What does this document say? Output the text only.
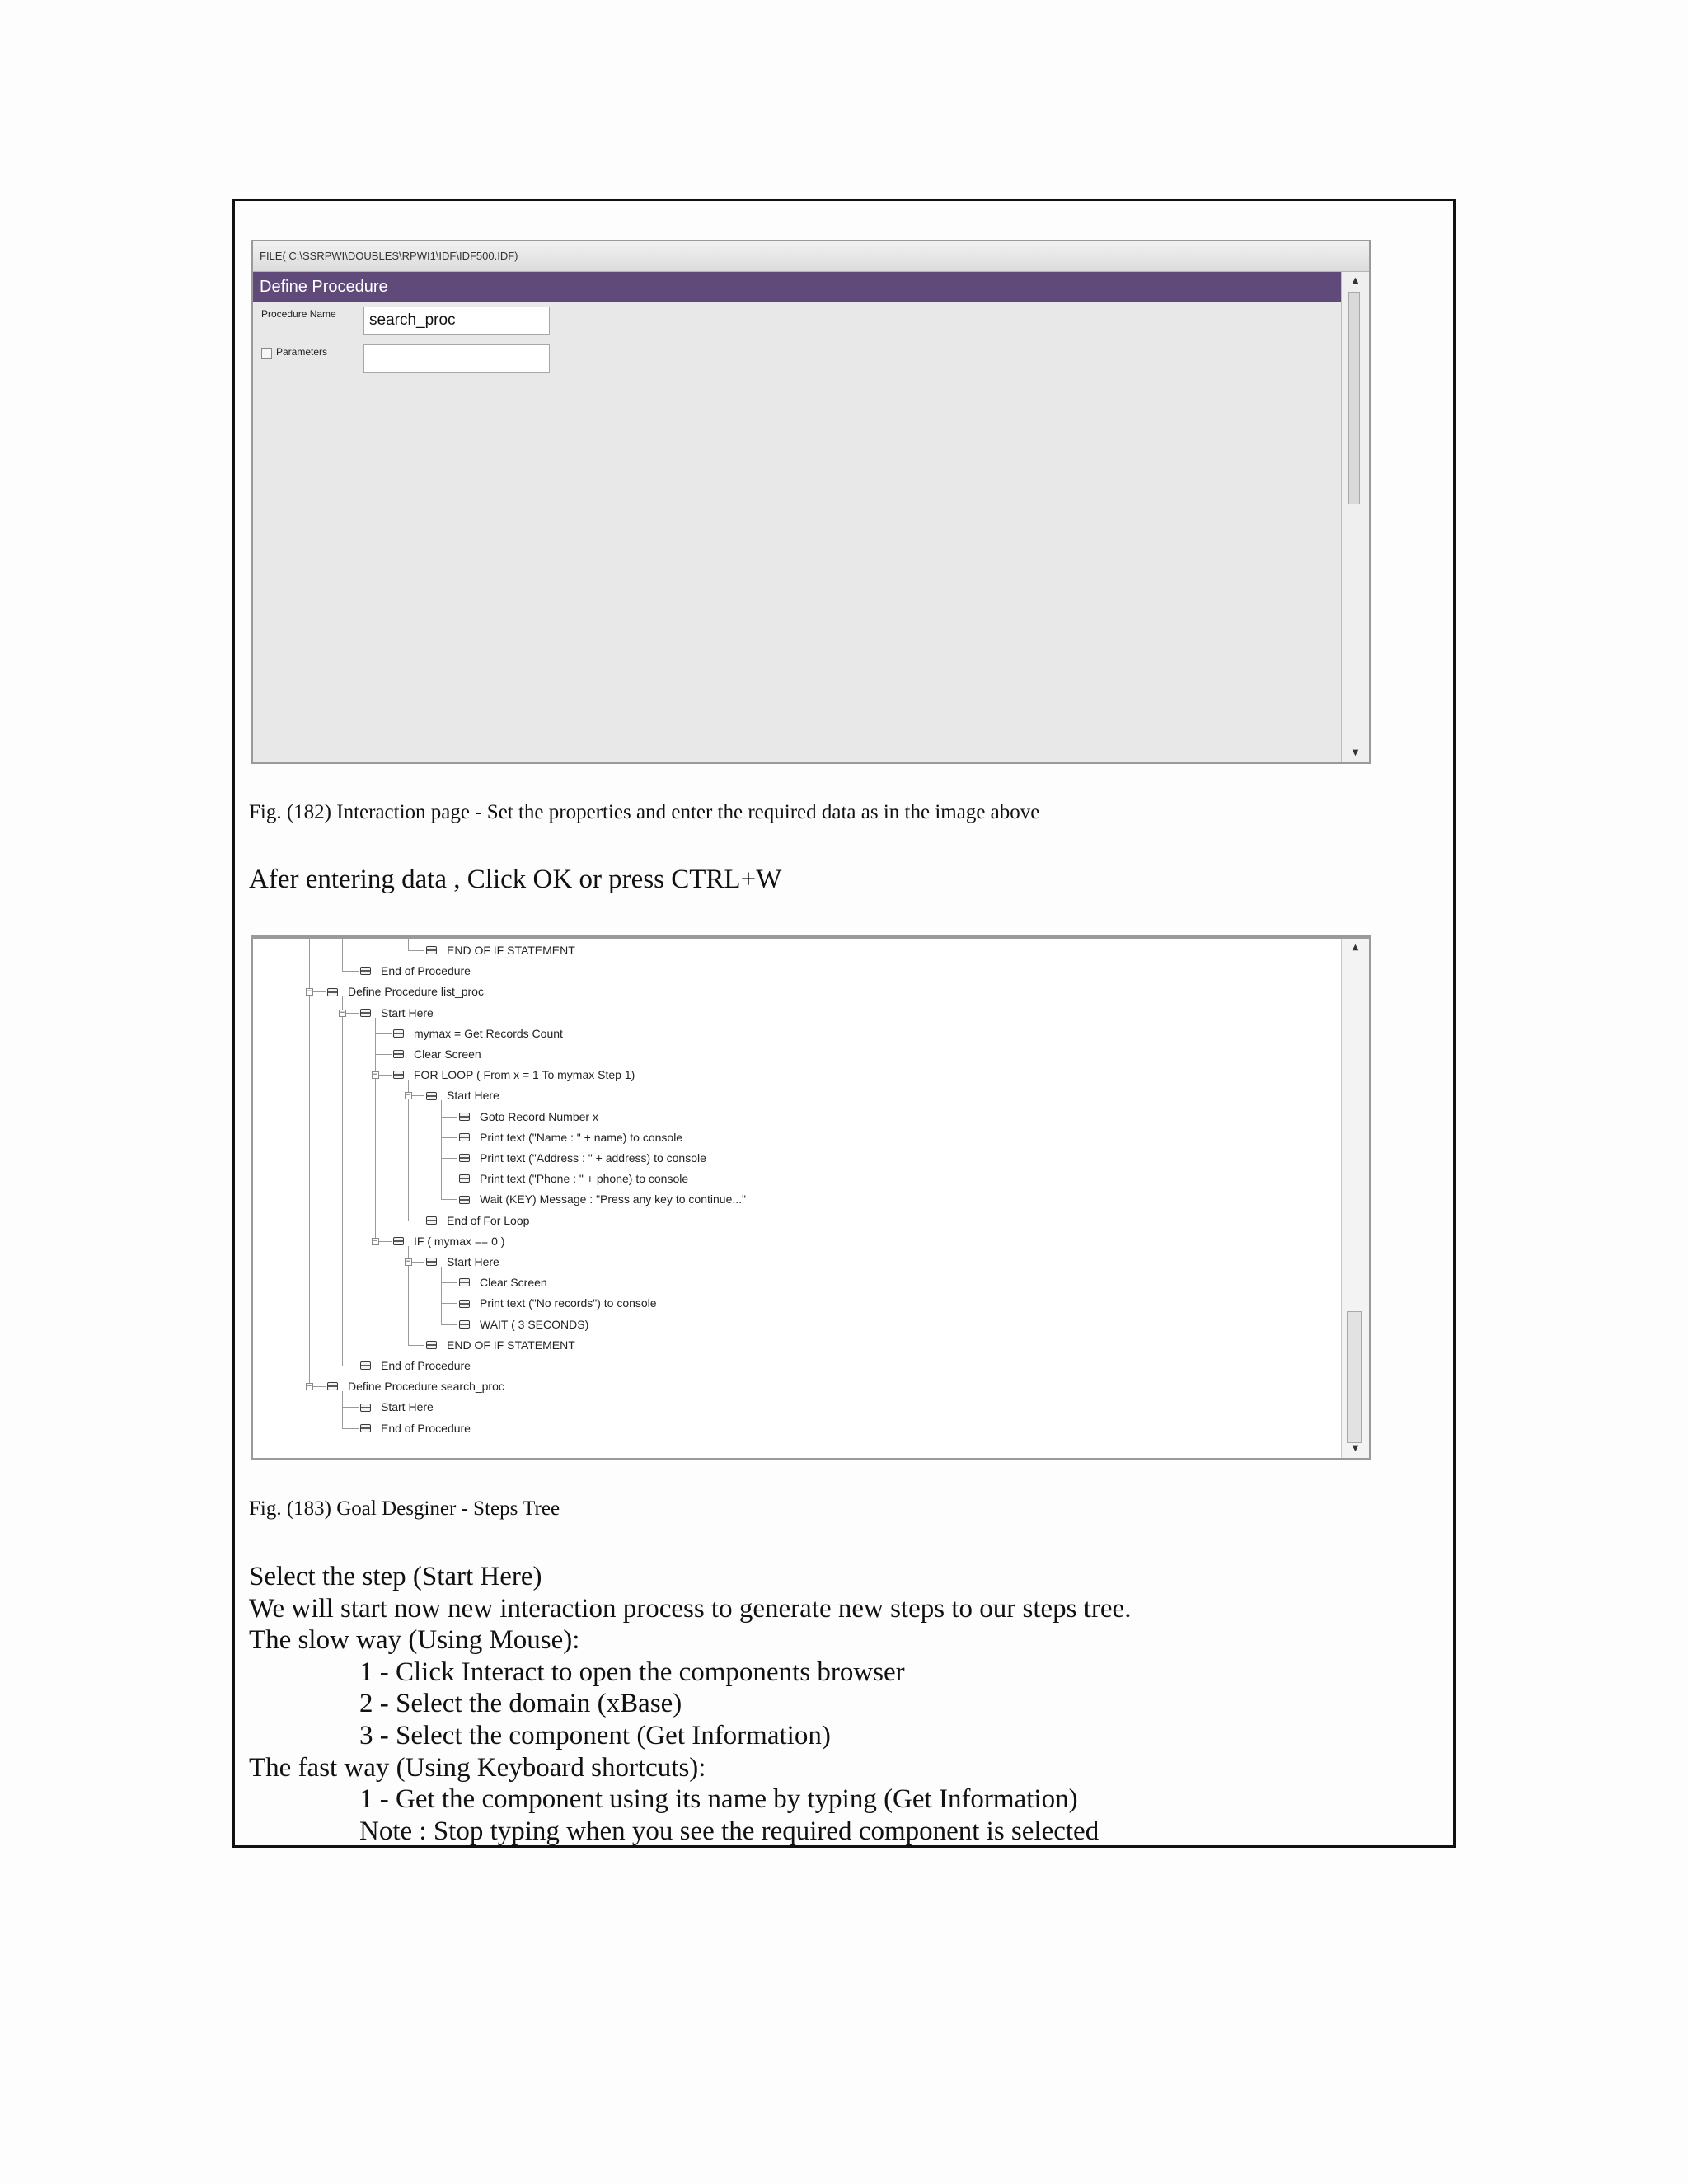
FILE( C:\SSRPWI\DOUBLES\RPWI1\IDF\IDF500.IDF)
Define Procedure
Procedure Name	search_proc
Parameters
▲
▼
Fig. (182) Interaction page - Set the properties and enter the required data as in the image above
Afer entering data , Click OK or press CTRL+W
END OF IF STATEMENT
End of Procedure
−	Define Procedure list_proc
−	Start Here
mymax = Get Records Count
Clear Screen
−	FOR LOOP ( From x = 1 To mymax Step 1)
−	Start Here
Goto Record Number x
Print text ("Name : " + name) to console
Print text ("Address : " + address) to console
Print text ("Phone : " + phone) to console
Wait (KEY) Message : "Press any key to continue..."
End of For Loop
−	IF ( mymax == 0 )
−	Start Here
Clear Screen
Print text ("No records") to console
WAIT ( 3 SECONDS)
END OF IF STATEMENT
End of Procedure
−	Define Procedure search_proc
Start Here
End of Procedure
▲
▼
Fig. (183) Goal Desginer - Steps Tree
Select the step (Start Here)
We will start now new interaction process to generate new steps to our steps tree.
The slow way (Using Mouse):
1 - Click Interact to open the components browser
2 - Select the domain (xBase)
3 - Select the component (Get Information)
The fast way (Using Keyboard shortcuts):
1 - Get the component using its name by typing (Get Information)
Note : Stop typing when you see the required component is selected
